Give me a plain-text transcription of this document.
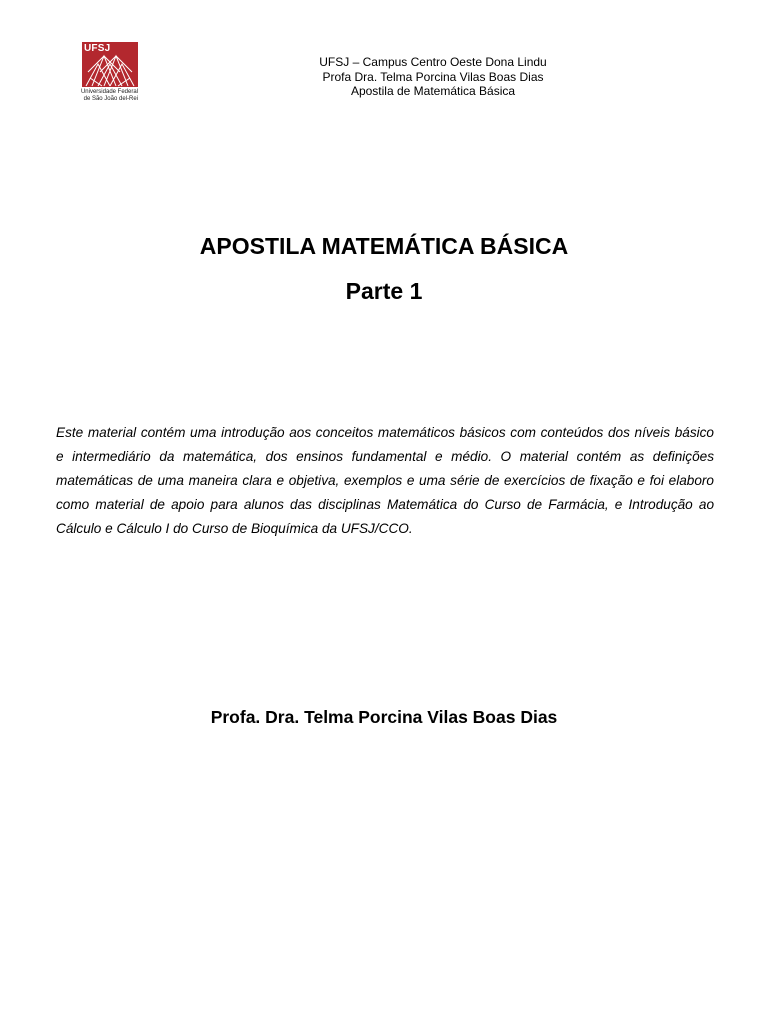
UFSJ
Universidade Federal
de São João del-Rei
UFSJ – Campus Centro Oeste Dona Lindu
Profa Dra. Telma Porcina Vilas Boas Dias
Apostila de Matemática Básica
APOSTILA MATEMÁTICA BÁSICA
Parte 1
Este material contém uma introdução aos conceitos matemáticos básicos com conteúdos dos níveis básico e intermediário da matemática, dos ensinos fundamental e médio. O material contém as definições matemáticas de uma maneira clara e objetiva, exemplos e uma série de exercícios de fixação e foi elaboro como material de apoio para alunos das disciplinas Matemática do Curso de Farmácia, e Introdução ao Cálculo e Cálculo I do Curso de Bioquímica da UFSJ/CCO.
Profa. Dra. Telma Porcina Vilas Boas Dias
